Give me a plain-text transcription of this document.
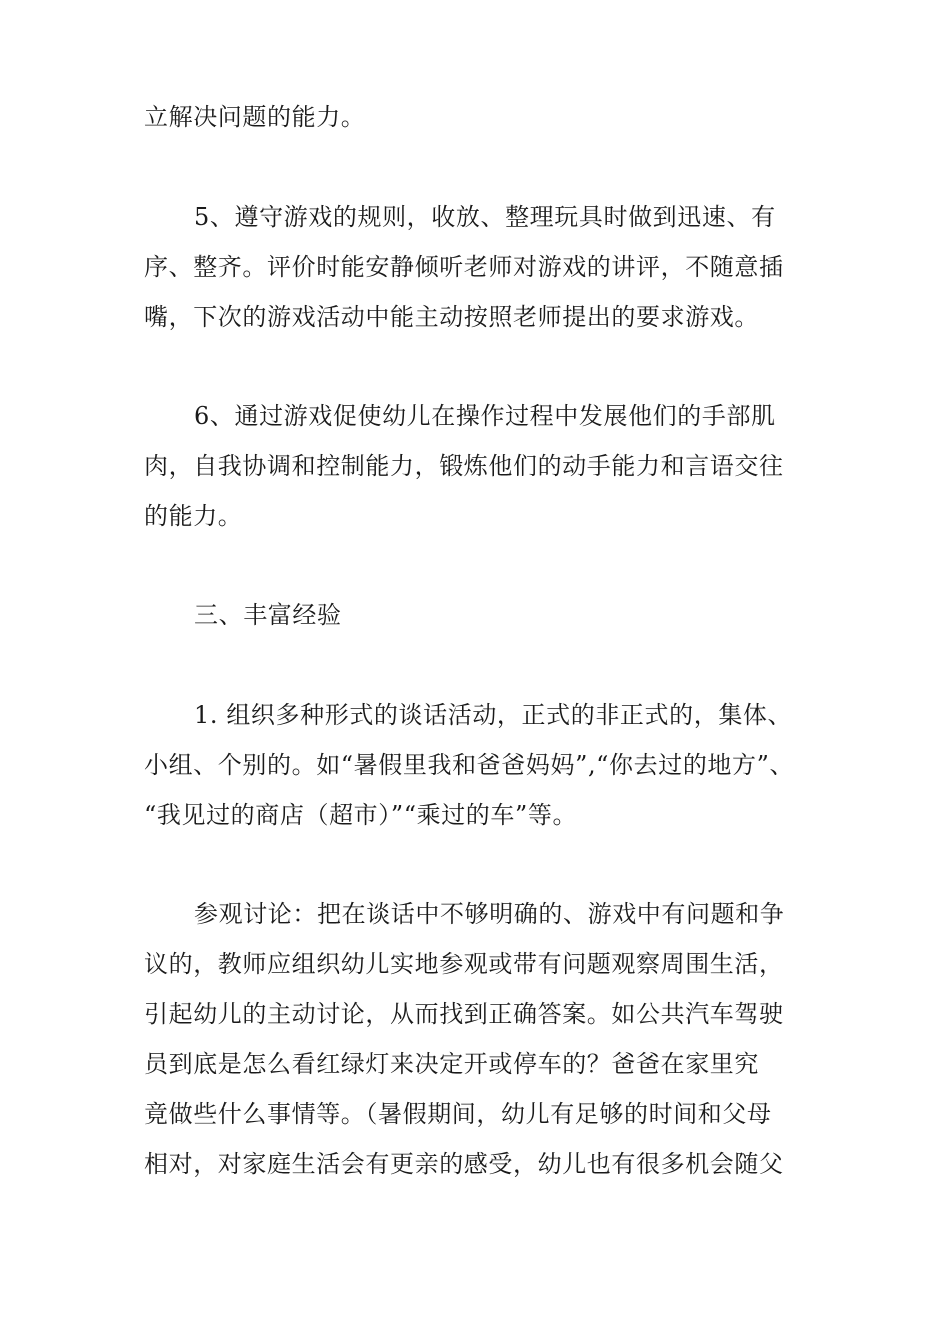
立解决问题的能力。
5、遵守游戏的规则，收放、整理玩具时做到迅速、有
序、整齐。评价时能安静倾听老师对游戏的讲评，不随意插
嘴，下次的游戏活动中能主动按照老师提出的要求游戏。
6、通过游戏促使幼儿在操作过程中发展他们的手部肌
肉，自我协调和控制能力，锻炼他们的动手能力和言语交往
的能力。
三、丰富经验
1. 组织多种形式的谈话活动，正式的非正式的，集体、
小组、个别的。如“暑假里我和爸爸妈妈”,“你去过的地方”、
“我见过的商店（超市）”“乘过的车”等。
参观讨论：把在谈话中不够明确的、游戏中有问题和争
议的，教师应组织幼儿实地参观或带有问题观察周围生活，
引起幼儿的主动讨论，从而找到正确答案。如公共汽车驾驶
员到底是怎么看红绿灯来决定开或停车的？爸爸在家里究
竟做些什么事情等。（暑假期间，幼儿有足够的时间和父母
相对，对家庭生活会有更亲的感受，幼儿也有很多机会随父
